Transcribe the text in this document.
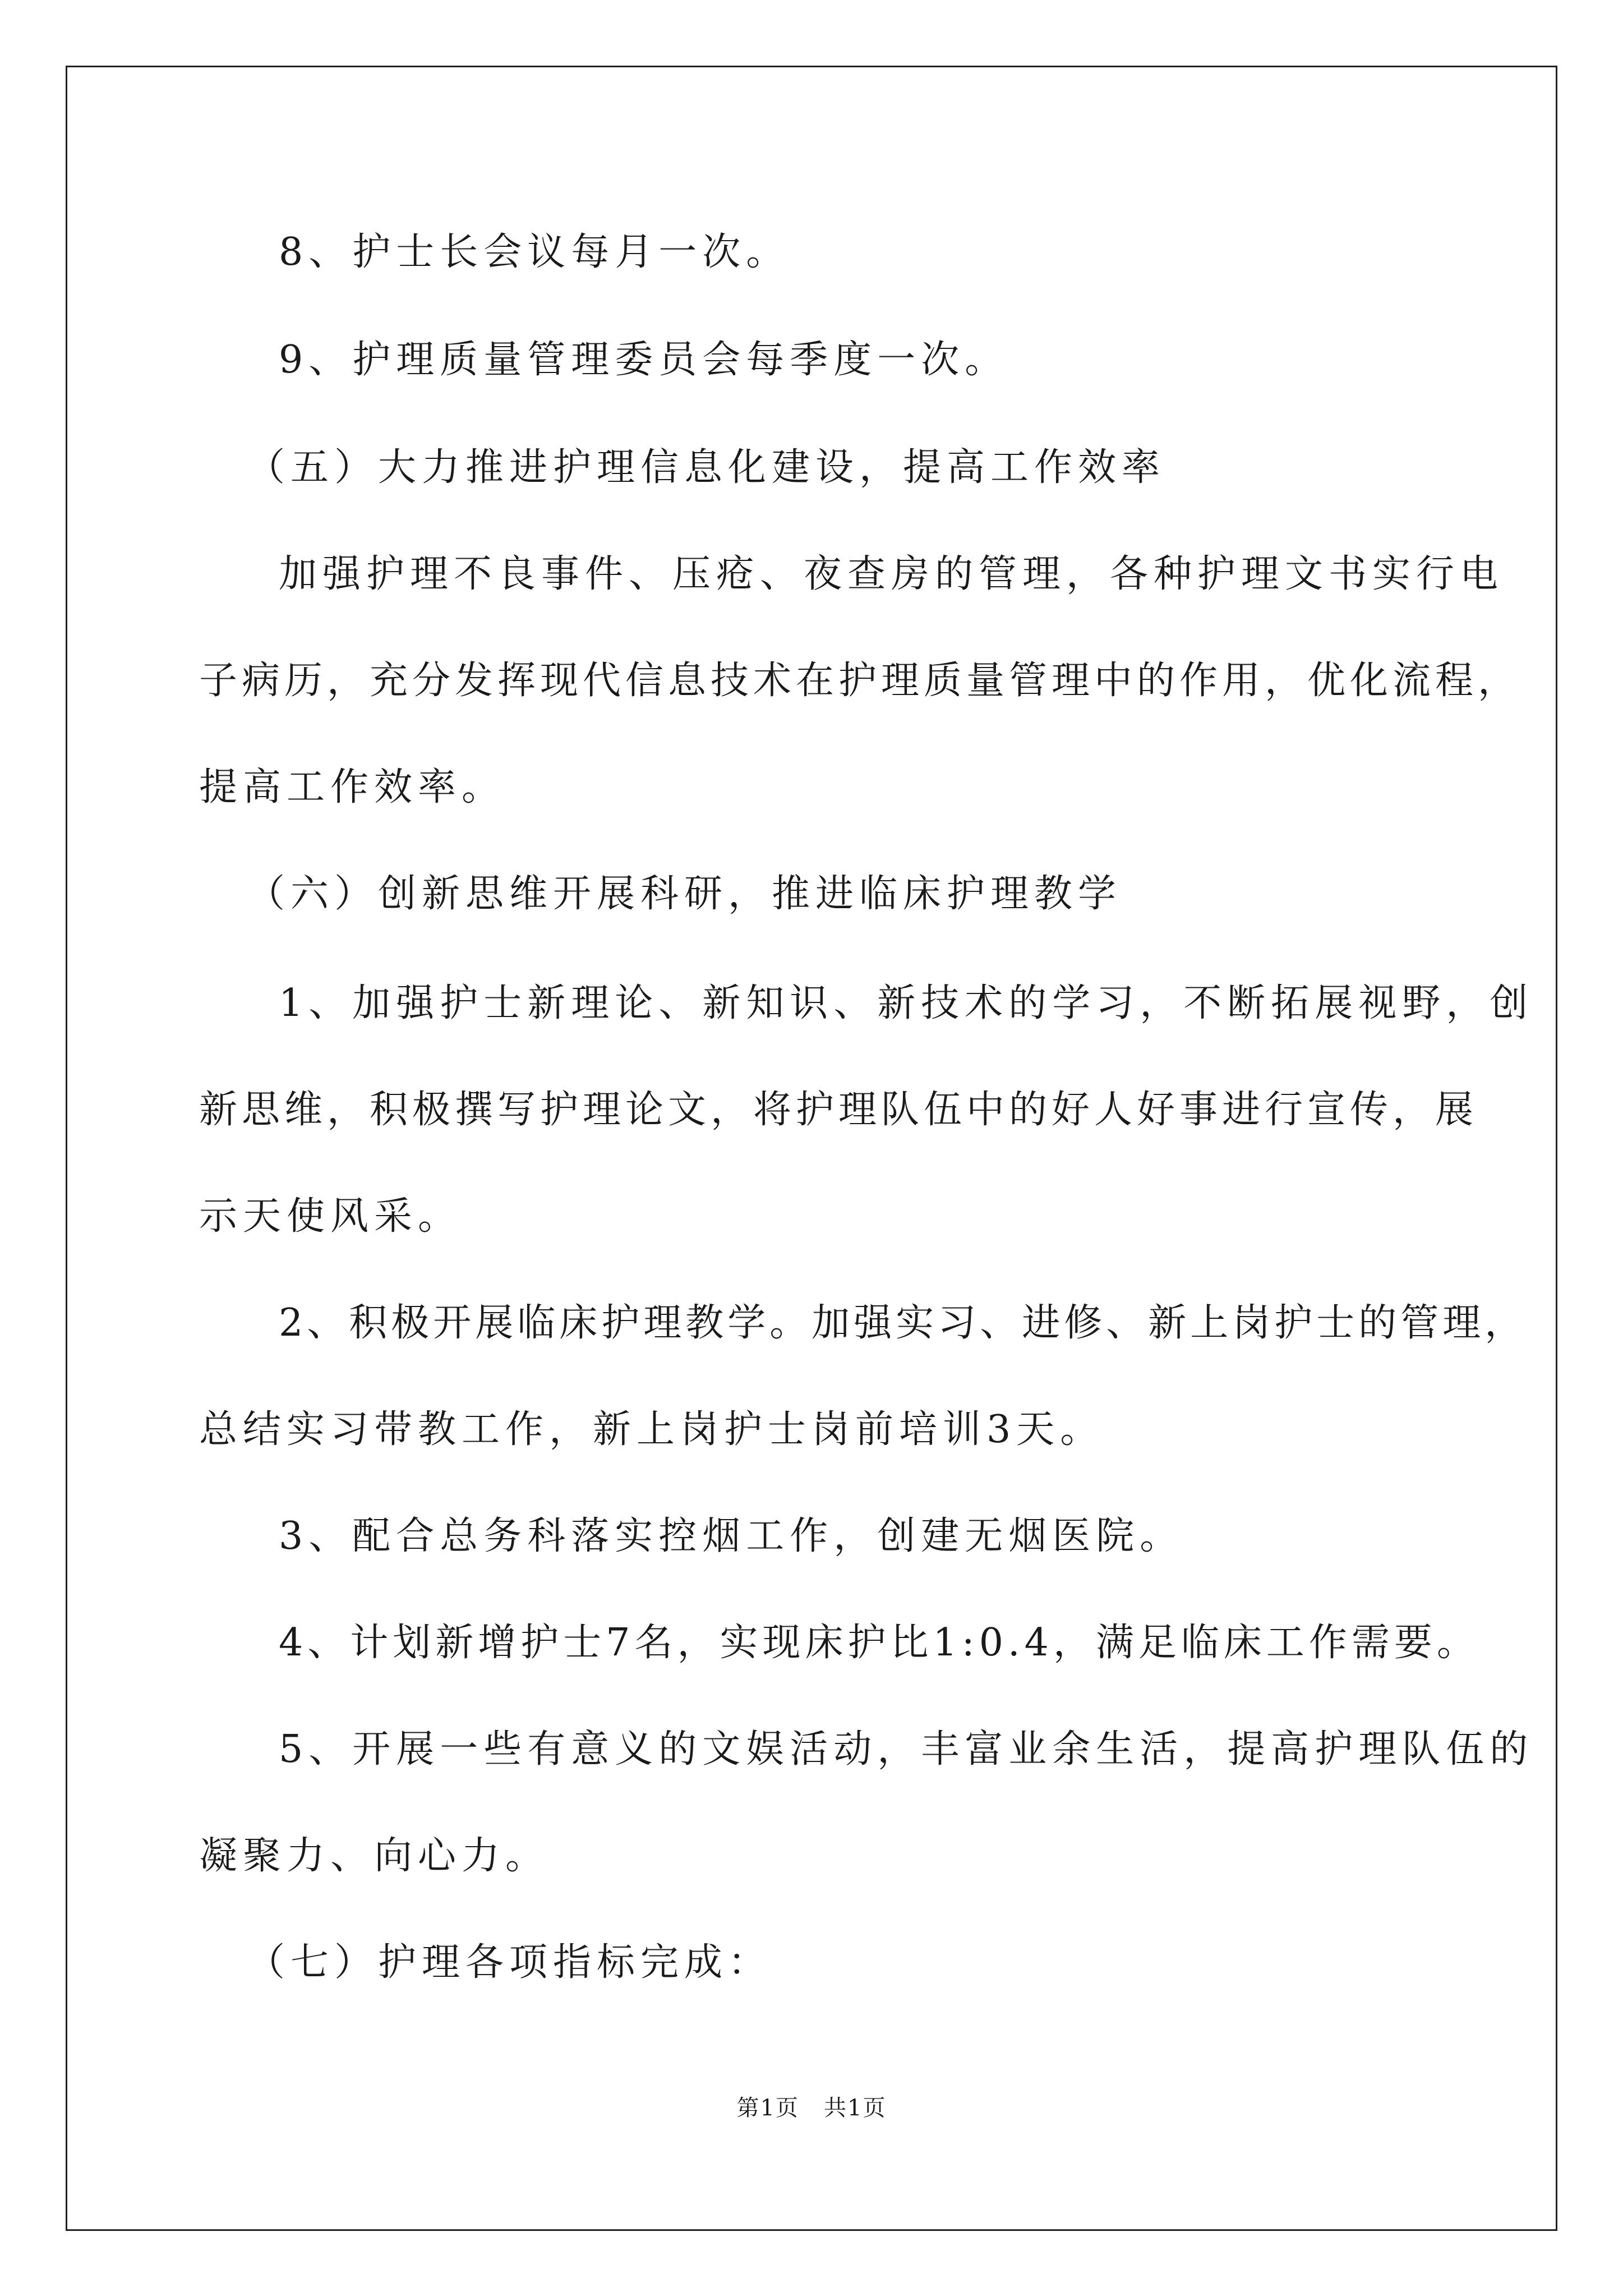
8、护士长会议每月一次。

9、护理质量管理委员会每季度一次。

（五）大力推进护理信息化建设，提高工作效率

加强护理不良事件、压疮、夜查房的管理，各种护理文书实行电

子病历，充分发挥现代信息技术在护理质量管理中的作用，优化流程，

提高工作效率。

（六）创新思维开展科研，推进临床护理教学

1、加强护士新理论、新知识、新技术的学习，不断拓展视野，创

新思维，积极撰写护理论文，将护理队伍中的好人好事进行宣传，展

示天使风采。

2、积极开展临床护理教学。加强实习、进修、新上岗护士的管理，

总结实习带教工作，新上岗护士岗前培训3天。

3、配合总务科落实控烟工作，创建无烟医院。

4、计划新增护士7名，实现床护比1:0.4，满足临床工作需要。

5、开展一些有意义的文娱活动，丰富业余生活，提高护理队伍的

凝聚力、向心力。

（七）护理各项指标完成：

第1页   共1页
